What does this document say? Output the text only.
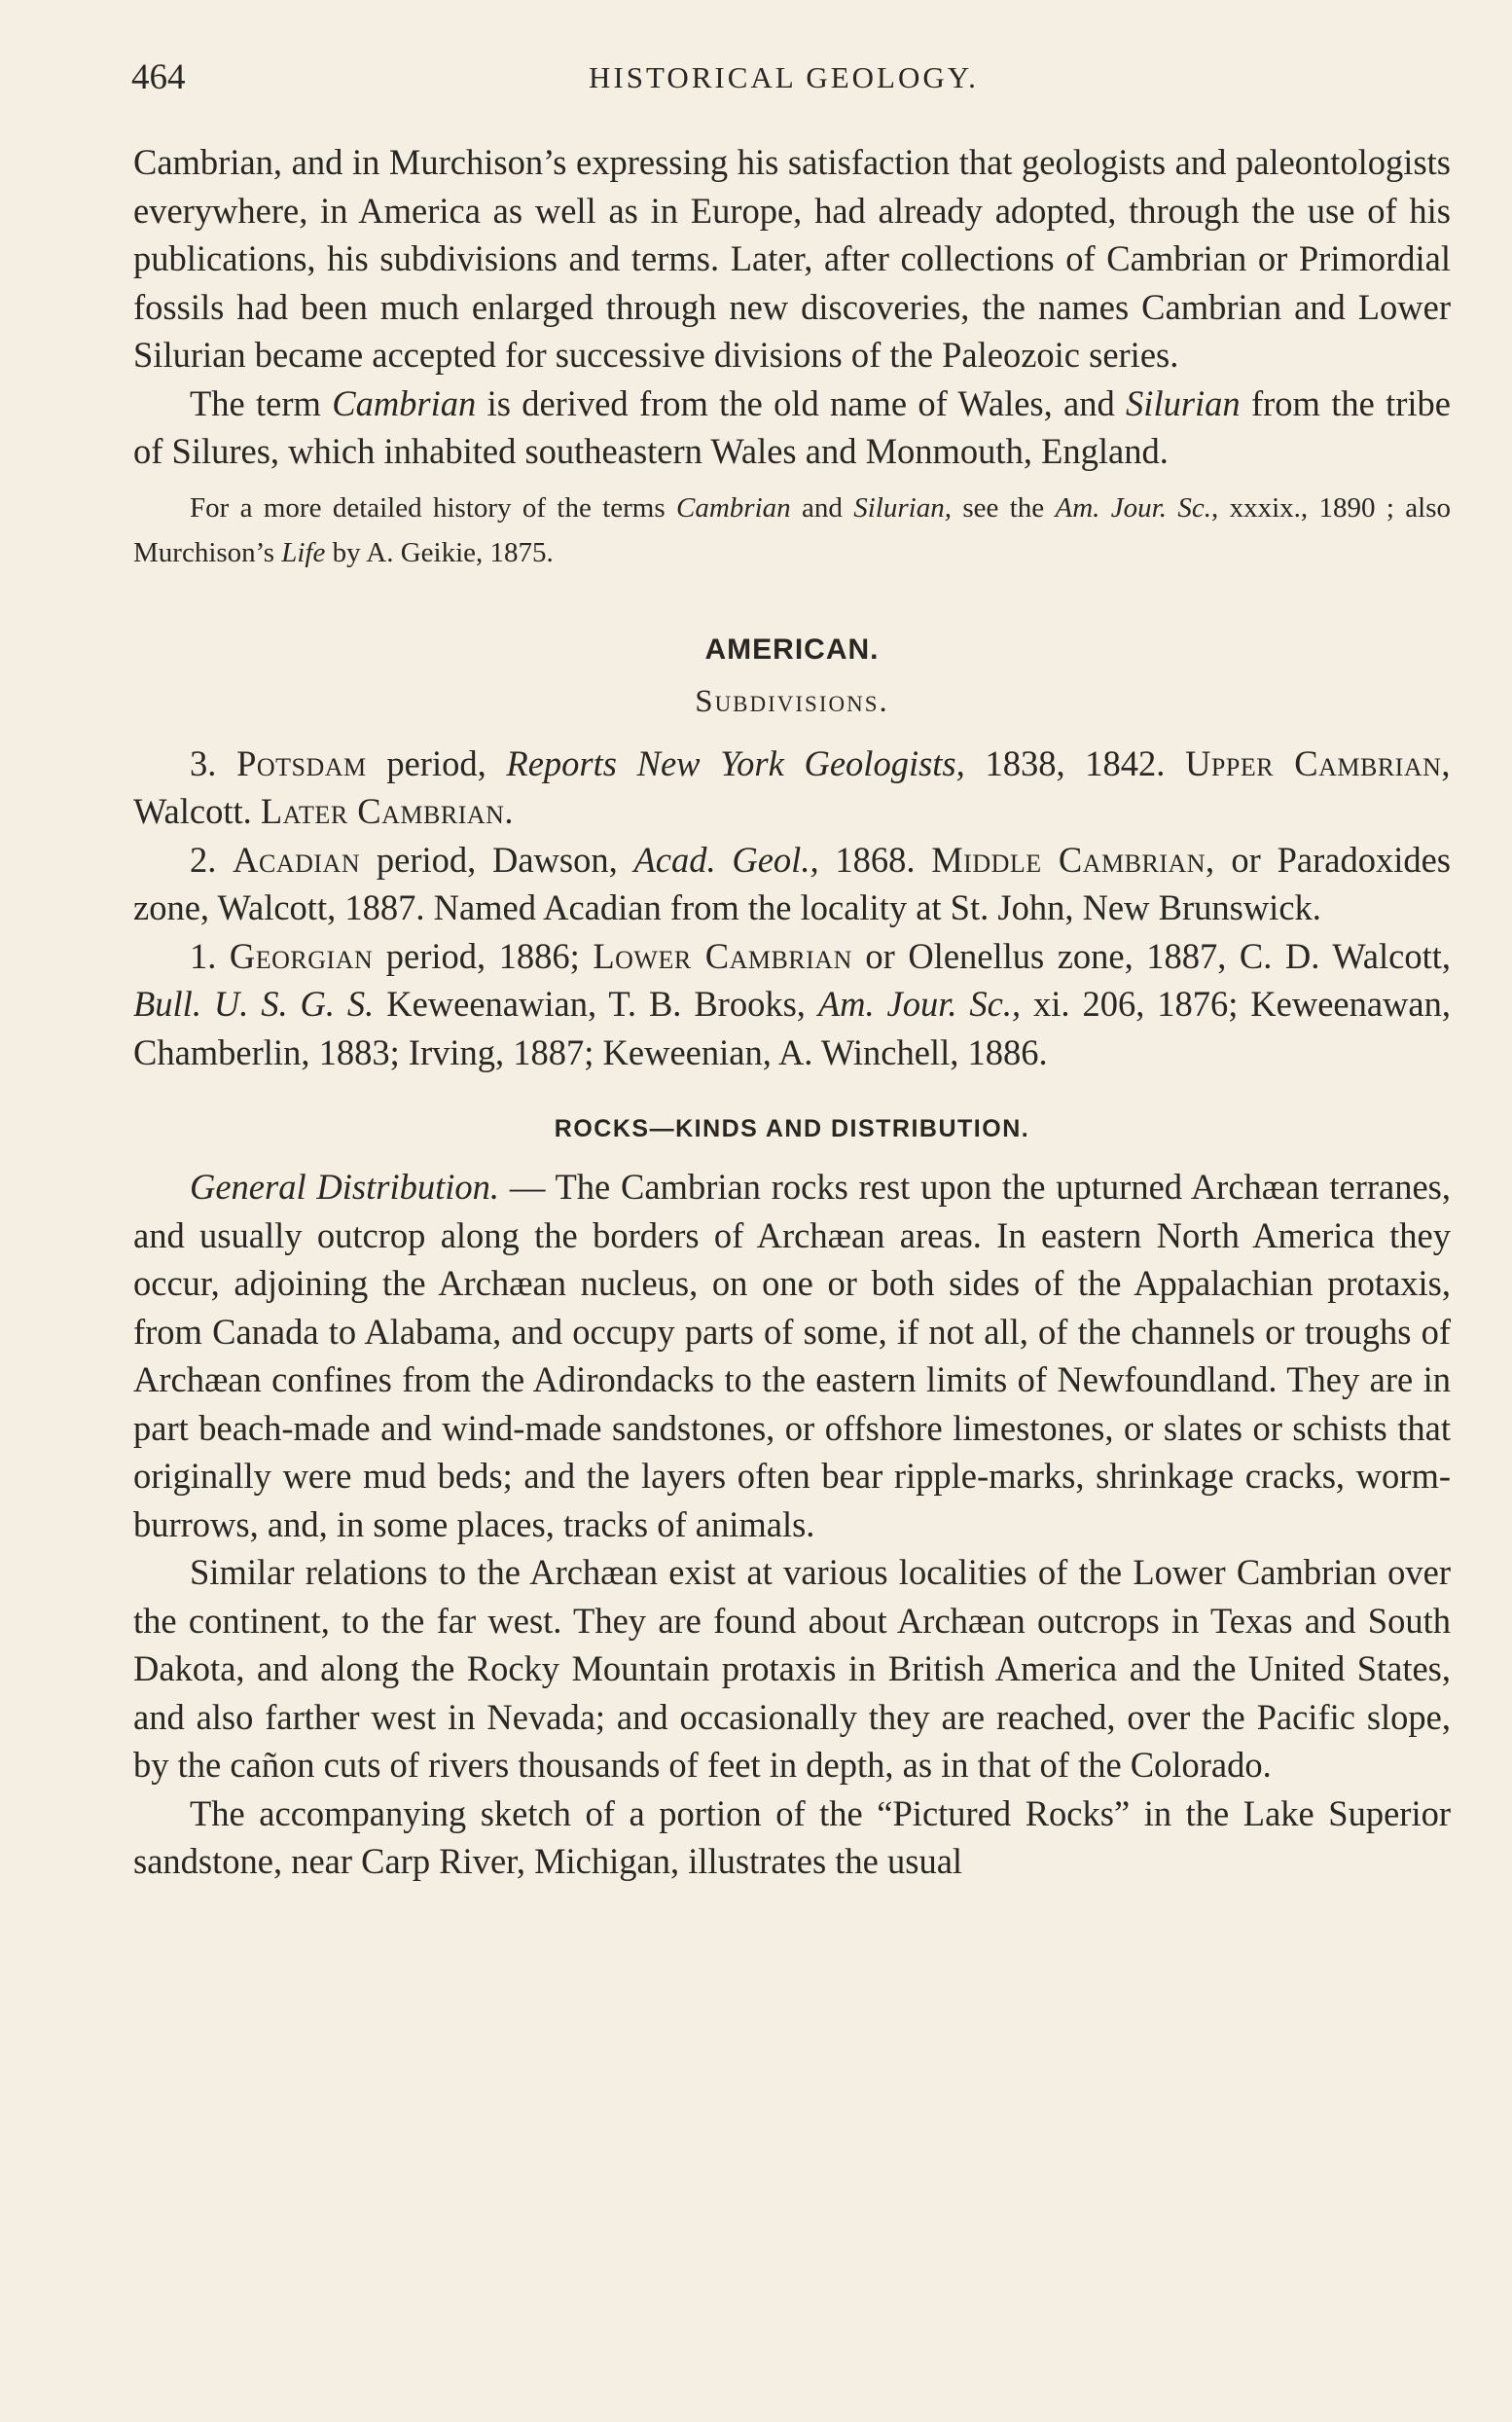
464	HISTORICAL GEOLOGY.

Cambrian, and in Murchison’s expressing his satisfaction that geologists and paleontologists everywhere, in America as well as in Europe, had already adopted, through the use of his publications, his subdivisions and terms. Later, after collections of Cambrian or Primordial fossils had been much enlarged through new discoveries, the names Cambrian and Lower Silurian became accepted for successive divisions of the Paleozoic series.

The term Cambrian is derived from the old name of Wales, and Silurian from the tribe of Silures, which inhabited southeastern Wales and Monmouth, England.

For a more detailed history of the terms Cambrian and Silurian, see the Am. Jour. Sc., xxxix., 1890 ; also Murchison’s Life by A. Geikie, 1875.

AMERICAN.
Subdivisions.

3. Potsdam period, Reports New York Geologists, 1838, 1842. Upper Cambrian, Walcott. Later Cambrian.

2. Acadian period, Dawson, Acad. Geol., 1868. Middle Cambrian, or Paradoxides zone, Walcott, 1887. Named Acadian from the locality at St. John, New Brunswick.

1. Georgian period, 1886; Lower Cambrian or Olenellus zone, 1887, C. D. Walcott, Bull. U. S. G. S. Keweenawian, T. B. Brooks, Am. Jour. Sc., xi. 206, 1876; Keweenawan, Chamberlin, 1883; Irving, 1887; Keweenian, A. Winchell, 1886.

ROCKS—KINDS AND DISTRIBUTION.

General Distribution. — The Cambrian rocks rest upon the upturned Archæan terranes, and usually outcrop along the borders of Archæan areas. In eastern North America they occur, adjoining the Archæan nucleus, on one or both sides of the Appalachian protaxis, from Canada to Alabama, and occupy parts of some, if not all, of the channels or troughs of Archæan confines from the Adirondacks to the eastern limits of Newfoundland. They are in part beach-made and wind-made sandstones, or offshore limestones, or slates or schists that originally were mud beds; and the layers often bear ripple-marks, shrinkage cracks, worm-burrows, and, in some places, tracks of animals.

Similar relations to the Archæan exist at various localities of the Lower Cambrian over the continent, to the far west. They are found about Archæan outcrops in Texas and South Dakota, and along the Rocky Mountain protaxis in British America and the United States, and also farther west in Nevada; and occasionally they are reached, over the Pacific slope, by the cañon cuts of rivers thousands of feet in depth, as in that of the Colorado.

The accompanying sketch of a portion of the “Pictured Rocks” in the Lake Superior sandstone, near Carp River, Michigan, illustrates the usual
